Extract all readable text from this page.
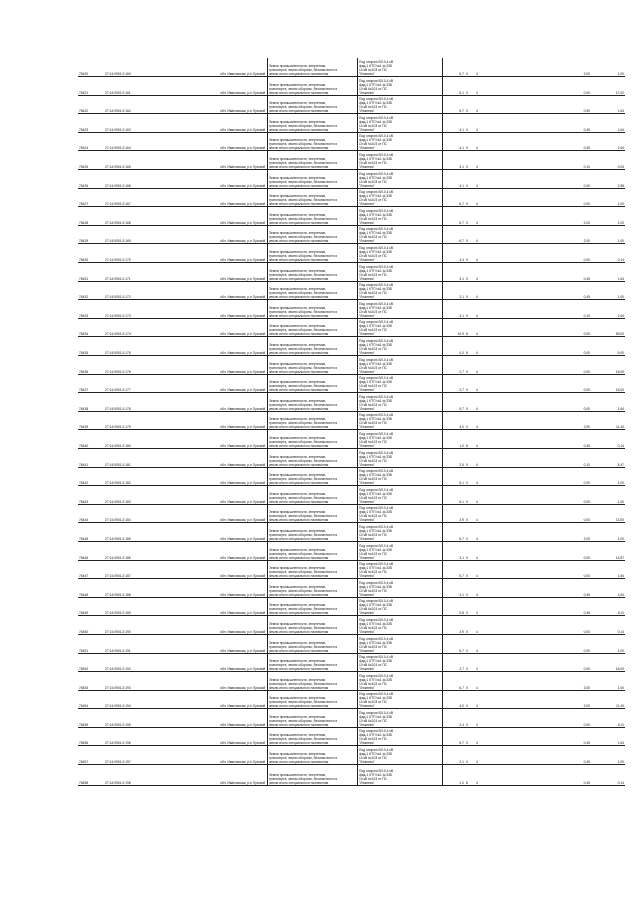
76420	27:14:0901:2:160	обл. Ивановская, р-н Лухский	Земли промышленности, энергетики,
транспорта, земли обороны, безопасности и
земли иного специального назначения	Под опорою ВЛ-0,4 кВ
фид.1 КТП №1 ф.33Б
10 кВ №103 от ПС
"Лежнево"	6,7	0	4		2,00	1,00
76421	27:14:0901:2:161	обл. Ивановская, р-н Лухский	Земли промышленности, энергетики,
транспорта, земли обороны, безопасности и
земли иного специального назначения	Под опорою ВЛ-0,4 кВ
фид.1 КТП №1 ф.33Б
10 кВ №103 от ПС
"Лежнево"	6,1	0	4		0,00	17,02
76422	27:14:0901:2:162	обл. Ивановская, р-н Лухский	Земли промышленности, энергетики,
транспорта, земли обороны, безопасности и
земли иного специального назначения	Под опорою ВЛ-0,4 кВ
фид.1 КТП №1 ф.33Б
10 кВ №103 от ПС
"Лежнево"	5,7	0	4		0,50	1,64
76423	27:14:0901:2:163	обл. Ивановская, р-н Лухский	Земли промышленности, энергетики,
транспорта, земли обороны, безопасности и
земли иного специального назначения	Под опорою ВЛ-0,4 кВ
фид.1 КТП №1 ф.33Б
10 кВ №103 от ПС
"Лежнево"	4,1	0	4		0,45	1,64
76424	27:14:0901:2:164	обл. Ивановская, р-н Лухский	Земли промышленности, энергетики,
транспорта, земли обороны, безопасности и
земли иного специального назначения	Под опорою ВЛ-0,4 кВ
фид.1 КТП №1 ф.33Б
10 кВ №103 от ПС
"Лежнево"	4,1	0	4		0,45	1,64
76425	27:14:0901:2:165	обл. Ивановская, р-н Лухский	Земли промышленности, энергетики,
транспорта, земли обороны, безопасности и
земли иного специального назначения	Под опорою ВЛ-0,4 кВ
фид.1 КТП №1 ф.33Б
10 кВ №103 от ПС
"Лежнево"	3,1	0	4		0,10	0,03
76426	27:14:0901:2:166	обл. Ивановская, р-н Лухский	Земли промышленности, энергетики,
транспорта, земли обороны, безопасности и
земли иного специального назначения	Под опорою ВЛ-0,4 кВ
фид.1 КТП №1 ф.33Б
10 кВ №103 от ПС
"Лежнево"	4,1	0	4		0,00	2,98
76427	27:14:0901:2:167	обл. Ивановская, р-н Лухский	Земли промышленности, энергетики,
транспорта, земли обороны, безопасности и
земли иного специального назначения	Под опорою ВЛ-0,4 кВ
фид.1 КТП №1 ф.33Б
10 кВ №103 от ПС
"Лежнево"	6,7	0	4		0,00	1,00
76428	27:14:0901:2:168	обл. Ивановская, р-н Лухский	Земли промышленности, энергетики,
транспорта, земли обороны, безопасности и
земли иного специального назначения	Под опорою ВЛ-0,4 кВ
фид.1 КТП №1 ф.33Б
10 кВ №103 от ПС
"Лежнево"	6,7	0	4		2,00	1,00
76429	27:14:0901:2:169	обл. Ивановская, р-н Лухский	Земли промышленности, энергетики,
транспорта, земли обороны, безопасности и
земли иного специального назначения	Под опорою ВЛ-0,4 кВ
фид.1 КТП №1 ф.33Б
10 кВ №103 от ПС
"Лежнево"	6,7	0	4		2,00	1,00
76430	27:14:0901:2:170	обл. Ивановская, р-н Лухский	Земли промышленности, энергетики,
транспорта, земли обороны, безопасности и
земли иного специального назначения	Под опорою ВЛ-0,4 кВ
фид.1 КТП №1 ф.33Б
10 кВ №103 от ПС
"Лежнево"	4,4	0	4		0,00	0,14
76431	27:14:0901:2:171	обл. Ивановская, р-н Лухский	Земли промышленности, энергетики,
транспорта, земли обороны, безопасности и
земли иного специального назначения	Под опорою ВЛ-0,4 кВ
фид.1 КТП №1 ф.33Б
10 кВ №103 от ПС
"Лежнево"	3,1	0	4		0,45	1,64
76432	27:14:0901:2:172	обл. Ивановская, р-н Лухский	Земли промышленности, энергетики,
транспорта, земли обороны, безопасности и
земли иного специального назначения	Под опорою ВЛ-0,4 кВ
фид.1 КТП №1 ф.33Б
10 кВ №103 от ПС
"Лежнево"	2,1	0	4		0,45	1,00
76433	27:14:0901:2:173	обл. Ивановская, р-н Лухский	Земли промышленности, энергетики,
транспорта, земли обороны, безопасности и
земли иного специального назначения	Под опорою ВЛ-0,4 кВ
фид.1 КТП №1 ф.33Б
10 кВ №103 от ПС
"Лежнево"	3,1	0	4		0,10	1,64
76434	27:14:0901:2:174	обл. Ивановская, р-н Лухский	Земли промышленности, энергетики,
транспорта, земли обороны, безопасности и
земли иного специального назначения	Под опорою ВЛ-0,4 кВ
фид.1 КТП №1 ф.33Б
10 кВ №103 от ПС
"Лежнево"	10,9	8	4		0,00	89,00
76435	27:14:0901:2:175	обл. Ивановская, р-н Лухский	Земли промышленности, энергетики,
транспорта, земли обороны, безопасности и
земли иного специального назначения	Под опорою ВЛ-0,4 кВ
фид.1 КТП №1 ф.33Б
10 кВ №103 от ПС
"Лежнево"	0,0	8	4		0,00	5,00
76436	27:14:0901:2:176	обл. Ивановская, р-н Лухский	Земли промышленности, энергетики,
транспорта, земли обороны, безопасности и
земли иного специального назначения	Под опорою ВЛ-0,4 кВ
фид.1 КТП №1 ф.33Б
10 кВ №103 от ПС
"Лежнево"	2,7	0	4		0,00	16,00
76437	27:14:0901:2:177	обл. Ивановская, р-н Лухский	Земли промышленности, энергетики,
транспорта, земли обороны, безопасности и
земли иного специального назначения	Под опорою ВЛ-0,4 кВ
фид.1 КТП №1 ф.33Б
10 кВ №103 от ПС
"Лежнево"	2,7	0	4		0,00	16,00
76438	27:14:0901:2:178	обл. Ивановская, р-н Лухский	Земли промышленности, энергетики,
транспорта, земли обороны, безопасности и
земли иного специального назначения	Под опорою ВЛ-0,4 кВ
фид.1 КТП №1 ф.33Б
10 кВ №103 от ПС
"Лежнево"	5,7	0	4		0,00	1,64
76439	27:14:0901:2:179	обл. Ивановская, р-н Лухский	Земли промышленности, энергетики,
транспорта, земли обороны, безопасности и
земли иного специального назначения	Под опорою ВЛ-0,4 кВ
фид.1 КТП №1 ф.33Б
10 кВ №103 от ПС
"Лежнево"	4,0	0	4		2,50	11,40
76440	27:14:0901:2:180	обл. Ивановская, р-н Лухский	Земли промышленности, энергетики,
транспорта, земли обороны, безопасности и
земли иного специального назначения	Под опорою ВЛ-0,4 кВ
фид.1 КТП №1 ф.33Б
10 кВ №103 от ПС
"Лежнево"	1,0	8	4		0,45	0,14
76441	27:14:0901:2:181	обл. Ивановская, р-н Лухский	Земли промышленности, энергетики,
транспорта, земли обороны, безопасности и
земли иного специального назначения	Под опорою ВЛ-0,4 кВ
фид.1 КТП №1 ф.33Б
10 кВ №103 от ПС
"Лежнево"	2,5	0	4		0,10	8,47
76442	27:14:0901:2:182	обл. Ивановская, р-н Лухский	Земли промышленности, энергетики,
транспорта, земли обороны, безопасности и
земли иного специального назначения	Под опорою ВЛ-0,4 кВ
фид.1 КТП №1 ф.33Б
10 кВ №103 от ПС
"Лежнево"	6,1	0	4		0,00	1,00
76443	27:14:0901:2:183	обл. Ивановская, р-н Лухский	Земли промышленности, энергетики,
транспорта, земли обороны, безопасности и
земли иного специального назначения	Под опорою ВЛ-0,4 кВ
фид.1 КТП №1 ф.33Б
10 кВ №103 от ПС
"Лежнево"	6,1	0	4		0,00	1,00
76444	27:14:0901:2:184	обл. Ивановская, р-н Лухский	Земли промышленности, энергетики,
транспорта, земли обороны, безопасности и
земли иного специального назначения	Под опорою ВЛ-0,4 кВ
фид.1 КТП №1 ф.33Б
10 кВ №103 от ПС
"Лежнево"	3,9	0	4		0,00	13,00
76445	27:14:0901:2:185	обл. Ивановская, р-н Лухский	Земли промышленности, энергетики,
транспорта, земли обороны, безопасности и
земли иного специального назначения	Под опорою ВЛ-0,4 кВ
фид.1 КТП №1 ф.33Б
10 кВ №103 от ПС
"Лежнево"	6,7	0	4		2,00	1,00
76446	27:14:0901:2:186	обл. Ивановская, р-н Лухский	Земли промышленности, энергетики,
транспорта, земли обороны, безопасности и
земли иного специального назначения	Под опорою ВЛ-0,4 кВ
фид.1 КТП №1 ф.33Б
10 кВ №103 от ПС
"Лежнево"	3,1	0	4		0,00	14,57
76447	27:14:0901:2:187	обл. Ивановская, р-н Лухский	Земли промышленности, энергетики,
транспорта, земли обороны, безопасности и
земли иного специального назначения	Под опорою ВЛ-0,4 кВ
фид.1 КТП №1 ф.33Б
10 кВ №103 от ПС
"Лежнево"	5,7	0	4		0,00	1,64
76448	27:14:0901:2:188	обл. Ивановская, р-н Лухский	Земли промышленности, энергетики,
транспорта, земли обороны, безопасности и
земли иного специального назначения	Под опорою ВЛ-0,4 кВ
фид.1 КТП №1 ф.33Б
10 кВ №103 от ПС
"Лежнево"	4,1	0	4		0,45	1,64
76449	27:14:0901:2:189	обл. Ивановская, р-н Лухский	Земли промышленности, энергетики,
транспорта, земли обороны, безопасности и
земли иного специального назначения	Под опорою ВЛ-0,4 кВ
фид.1 КТП №1 ф.33Б
10 кВ №103 от ПС
"Лежнево"	0,8	0	4		0,45	6,11
76450	27:14:0901:2:190	обл. Ивановская, р-н Лухский	Земли промышленности, энергетики,
транспорта, земли обороны, безопасности и
земли иного специального назначения	Под опорою ВЛ-0,4 кВ
фид.1 КТП №1 ф.33Б
10 кВ №103 от ПС
"Лежнево"	2,9	0	4		0,00	0,14
76451	27:14:0901:2:191	обл. Ивановская, р-н Лухский	Земли промышленности, энергетики,
транспорта, земли обороны, безопасности и
земли иного специального назначения	Под опорою ВЛ-0,4 кВ
фид.1 КТП №1 ф.33Б
10 кВ №103 от ПС
"Лежнево"	6,7	0	4		0,00	1,00
76452	27:14:0901:2:192	обл. Ивановская, р-н Лухский	Земли промышленности, энергетики,
транспорта, земли обороны, безопасности и
земли иного специального назначения	Под опорою ВЛ-0,4 кВ
фид.1 КТП №1 ф.33Б
10 кВ №103 от ПС
"Лежнево"	2,7	0	4		0,00	16,00
76453	27:14:0901:2:193	обл. Ивановская, р-н Лухский	Земли промышленности, энергетики,
транспорта, земли обороны, безопасности и
земли иного специального назначения	Под опорою ВЛ-0,4 кВ
фид.1 КТП №1 ф.33Б
10 кВ №103 от ПС
"Лежнево"	6,7	0	4		2,00	1,00
76454	27:14:0901:2:194	обл. Ивановская, р-н Лухский	Земли промышленности, энергетики,
транспорта, земли обороны, безопасности и
земли иного специального назначения	Под опорою ВЛ-0,4 кВ
фид.1 КТП №1 ф.33Б
10 кВ №103 от ПС
"Лежнево"	4,0	0	4		2,00	11,40
76455	27:14:0901:2:195	обл. Ивановская, р-н Лухский	Земли промышленности, энергетики,
транспорта, земли обороны, безопасности и
земли иного специального назначения	Под опорою ВЛ-0,4 кВ
фид.1 КТП №1 ф.33Б
10 кВ №103 от ПС
"Лежнево"	2,4	0	4		0,00	6,11
76456	27:14:0901:2:196	обл. Ивановская, р-н Лухский	Земли промышленности, энергетики,
транспорта, земли обороны, безопасности и
земли иного специального назначения	Под опорою ВЛ-0,4 кВ
фид.1 КТП №1 ф.33Б
10 кВ №103 от ПС
"Лежнево"	5,7	0	4		0,45	1,64
76457	27:14:0901:2:197	обл. Ивановская, р-н Лухский	Земли промышленности, энергетики,
транспорта, земли обороны, безопасности и
земли иного специального назначения	Под опорою ВЛ-0,4 кВ
фид.1 КТП №1 ф.33Б
10 кВ №103 от ПС
"Лежнево"	2,1	0	4		0,45	1,00
76458	27:14:0901:2:198	обл. Ивановская, р-н Лухский	Земли промышленности, энергетики,
транспорта, земли обороны, безопасности и
земли иного специального назначения	Под опорою ВЛ-0,4 кВ
фид.1 КТП №1 ф.33Б
10 кВ №103 от ПС
"Лежнево"	1,0	8	4		0,45	0,14
